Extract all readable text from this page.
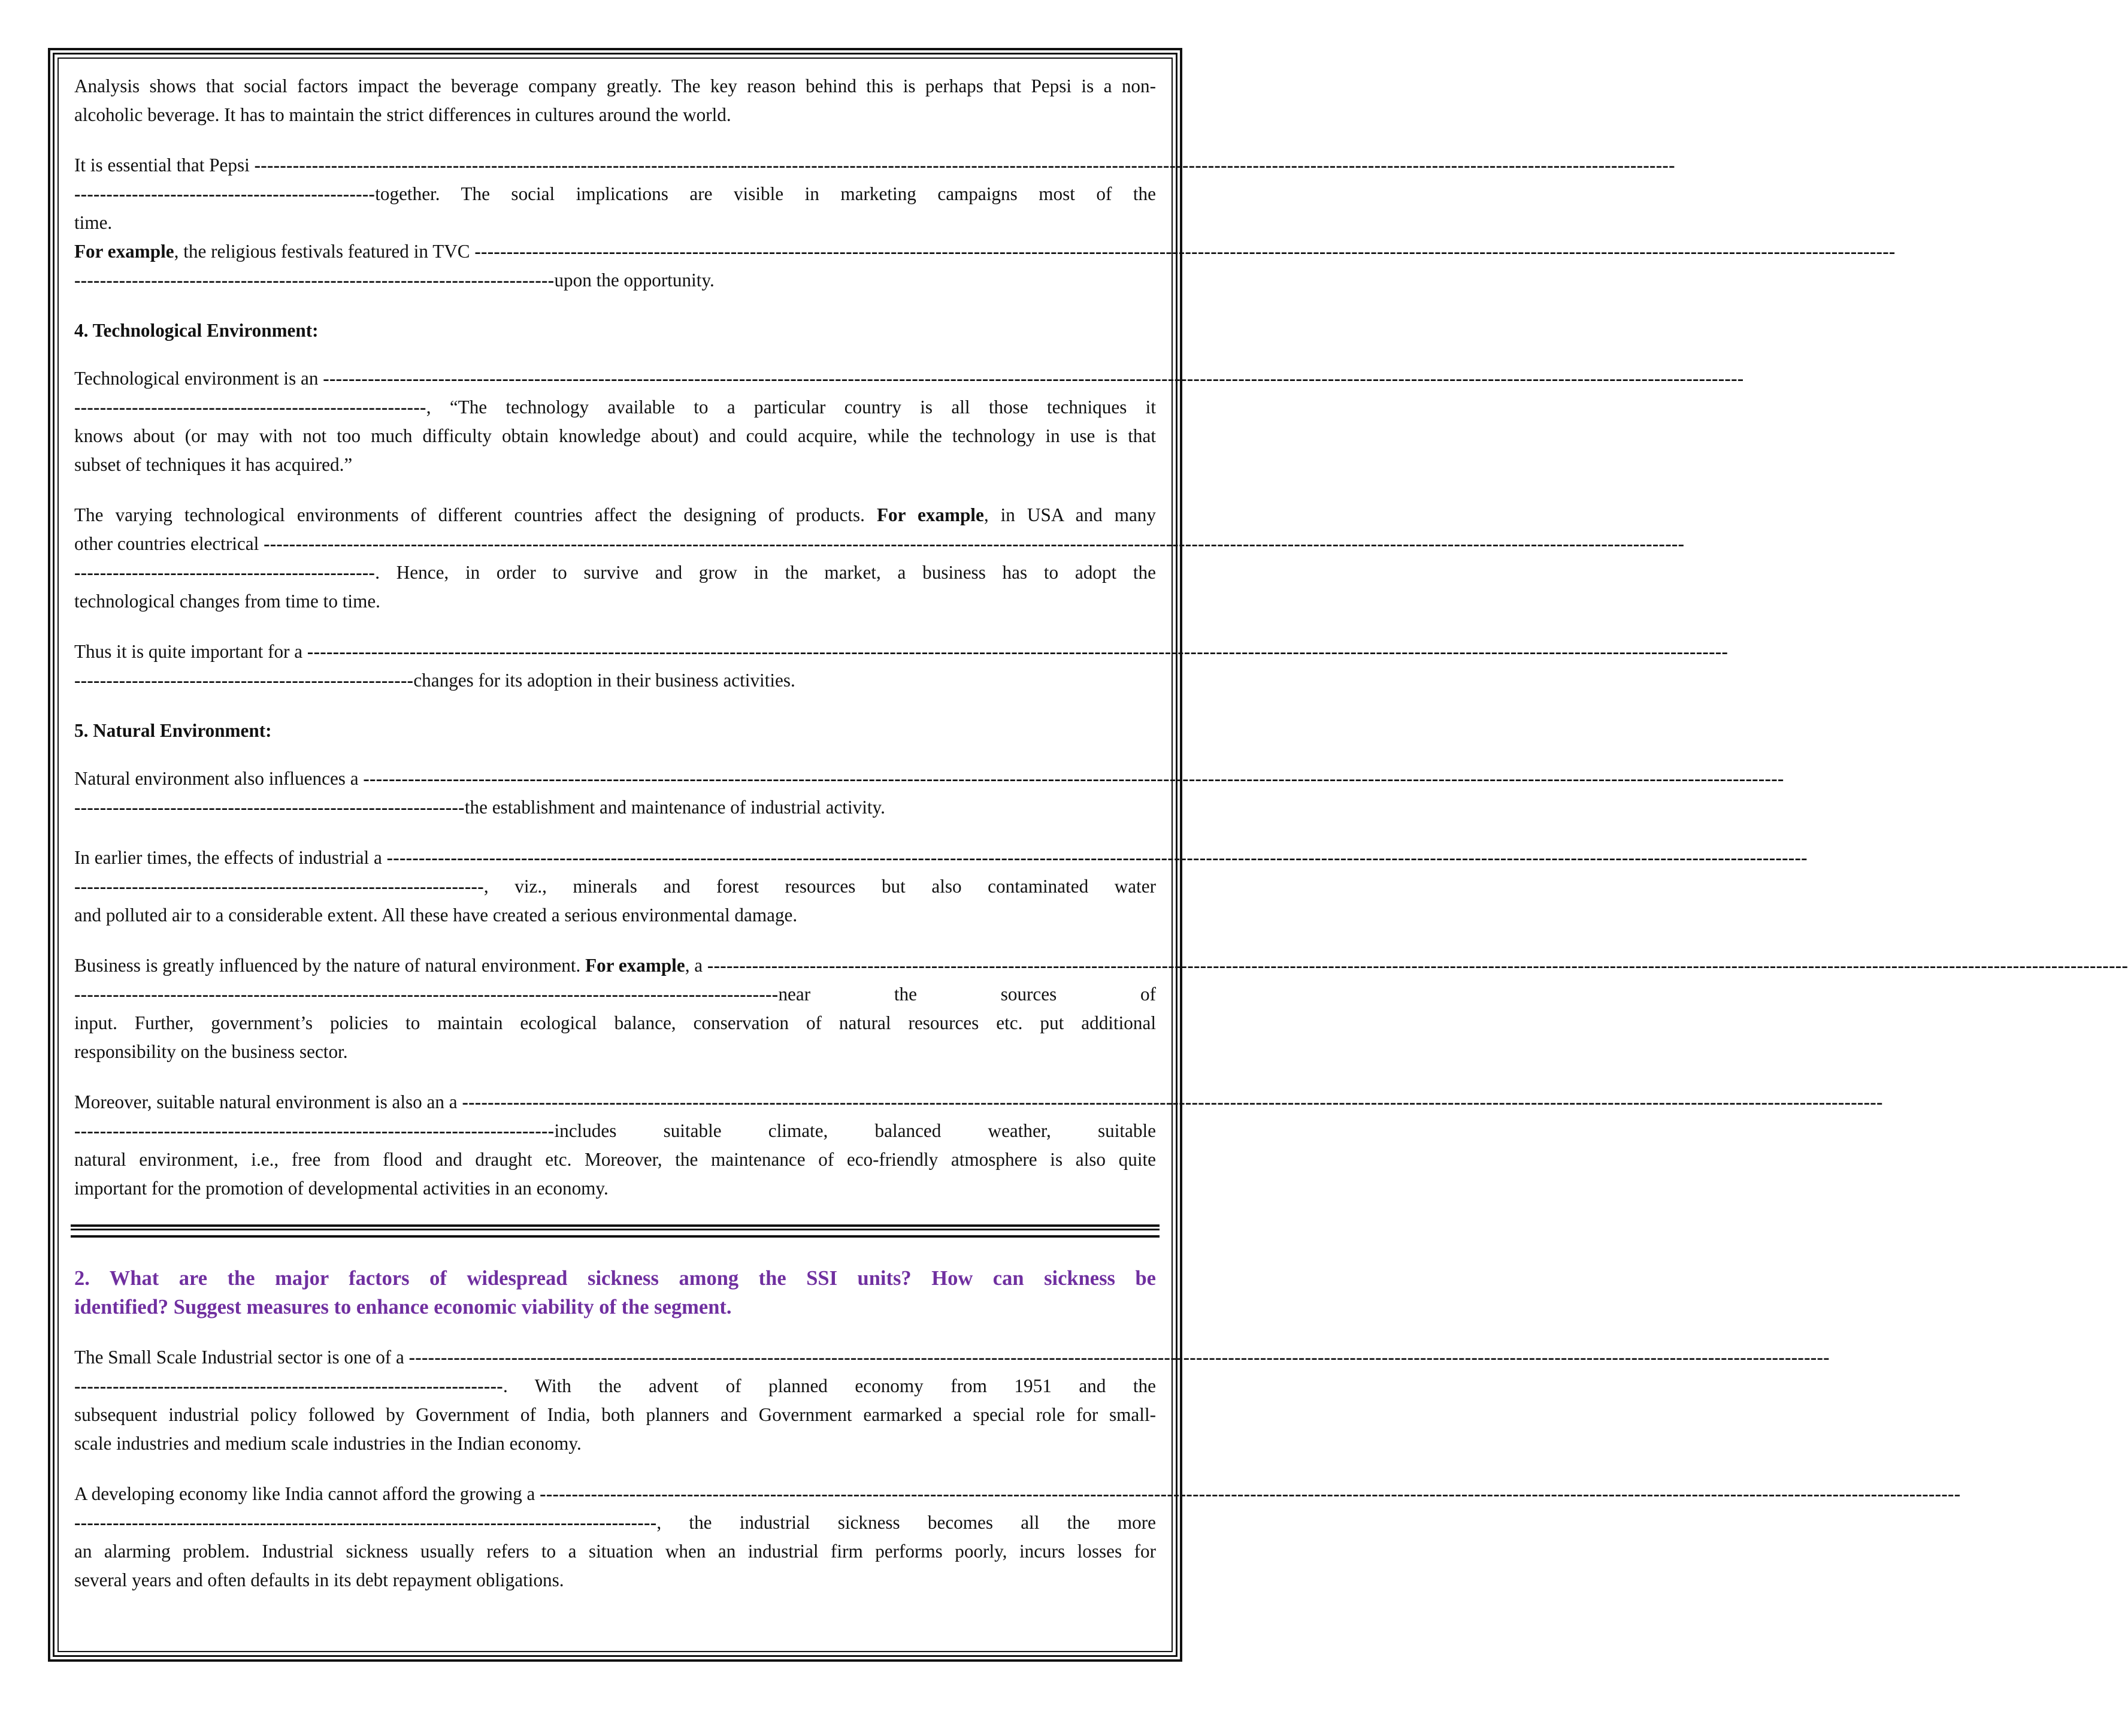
Analysis shows that social factors impact the beverage company greatly. The key reason behind this is perhaps that Pepsi is a non-
alcoholic beverage. It has to maintain the strict differences in cultures around the world.
It is essential that Pepsi ------------------------------------------------------------------------------------------------------------------------------------------------------------------------------------------------------------------------------
-----------------------------------------------together. The social implications are visible in marketing campaigns most of the
time.
For example, the religious festivals featured in TVC ------------------------------------------------------------------------------------------------------------------------------------------------------------------------------------------------------------------------------
---------------------------------------------------------------------------upon the opportunity.
4. Technological Environment:
Technological environment is an ------------------------------------------------------------------------------------------------------------------------------------------------------------------------------------------------------------------------------
-------------------------------------------------------, “The technology available to a particular country is all those techniques it
knows about (or may with not too much difficulty obtain knowledge about) and could acquire, while the technology in use is that
subset of techniques it has acquired.”
The varying technological environments of different countries affect the designing of products. For example, in USA and many
other countries electrical ------------------------------------------------------------------------------------------------------------------------------------------------------------------------------------------------------------------------------
-----------------------------------------------. Hence, in order to survive and grow in the market, a business has to adopt the
technological changes from time to time.
Thus it is quite important for a ------------------------------------------------------------------------------------------------------------------------------------------------------------------------------------------------------------------------------
-----------------------------------------------------changes for its adoption in their business activities.
5. Natural Environment:
Natural environment also influences a ------------------------------------------------------------------------------------------------------------------------------------------------------------------------------------------------------------------------------
-------------------------------------------------------------the establishment and maintenance of industrial activity.
In earlier times, the effects of industrial a ------------------------------------------------------------------------------------------------------------------------------------------------------------------------------------------------------------------------------
----------------------------------------------------------------, viz., minerals and forest resources but also contaminated water
and polluted air to a considerable extent. All these have created a serious environmental damage.
Business is greatly influenced by the nature of natural environment. For example, a ------------------------------------------------------------------------------------------------------------------------------------------------------------------------------------------------------------------------------
--------------------------------------------------------------------------------------------------------------near the sources of
input. Further, government’s policies to maintain ecological balance, conservation of natural resources etc. put additional
responsibility on the business sector.
Moreover, suitable natural environment is also an a ------------------------------------------------------------------------------------------------------------------------------------------------------------------------------------------------------------------------------
---------------------------------------------------------------------------includes suitable climate, balanced weather, suitable
natural environment, i.e., free from flood and draught etc. Moreover, the maintenance of eco-friendly atmosphere is also quite
important for the promotion of developmental activities in an economy.
2. What are the major factors of widespread sickness among the SSI units? How can sickness be
identified? Suggest measures to enhance economic viability of the segment.
The Small Scale Industrial sector is one of a ------------------------------------------------------------------------------------------------------------------------------------------------------------------------------------------------------------------------------
-------------------------------------------------------------------. With the advent of planned economy from 1951 and the
subsequent industrial policy followed by Government of India, both planners and Government earmarked a special role for small-
scale industries and medium scale industries in the Indian economy.
A developing economy like India cannot afford the growing a ------------------------------------------------------------------------------------------------------------------------------------------------------------------------------------------------------------------------------
-------------------------------------------------------------------------------------------, the industrial sickness becomes all the more
an alarming problem. Industrial sickness usually refers to a situation when an industrial firm performs poorly, incurs losses for
several years and often defaults in its debt repayment obligations.
